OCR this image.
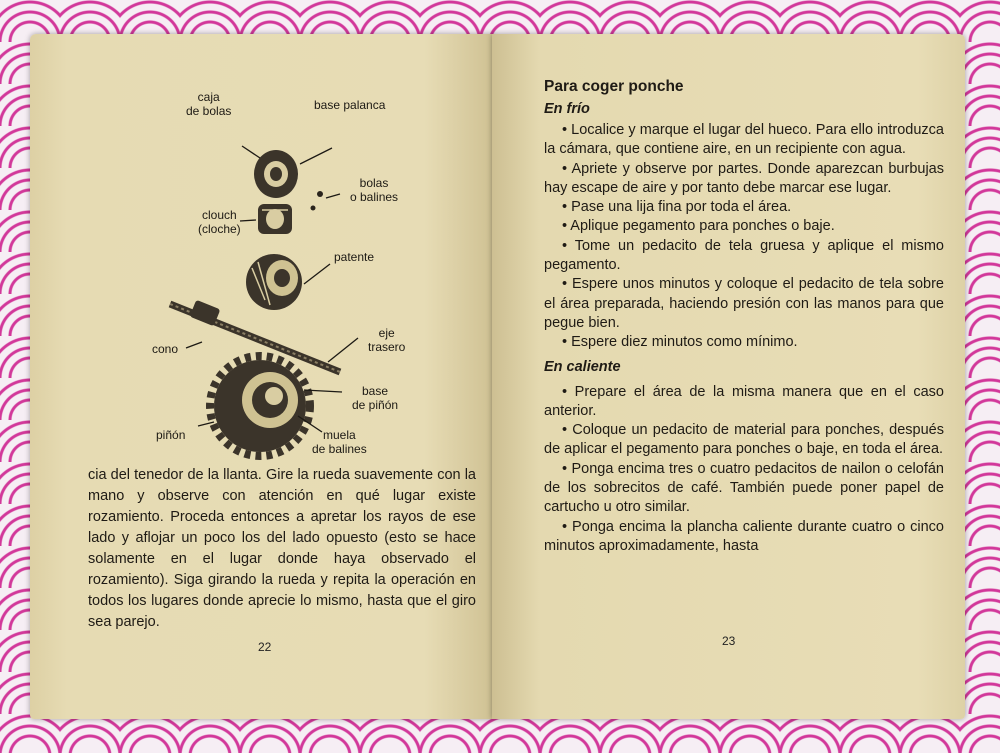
caja
de bolas	base palanca
bolas
o balines
clouch
(cloche)
patente
eje
trasero
cono
base
de piñón
piñón	muela
de balines

cia del tenedor de la llanta. Gire la rueda suavemente con la mano y observe con atención en qué lugar existe rozamiento. Proceda entonces a apretar los rayos de ese lado y aflojar un poco los del lado opuesto (esto se hace solamente en el lugar donde haya observado el rozamiento). Siga girando la rueda y repita la operación en todos los lugares donde aprecie lo mismo, hasta que el giro sea parejo.

22
Para coger ponche
En frío

• Localice y marque el lugar del hueco. Para ello introduzca la cámara, que contiene aire, en un recipiente con agua.

• Apriete y observe por partes. Donde aparezcan burbujas hay escape de aire y por tanto debe marcar ese lugar.

• Pase una lija fina por toda el área.

• Aplique pegamento para ponches o baje.

• Tome un pedacito de tela gruesa y aplique el mismo pegamento.

• Espere unos minutos y coloque el pedacito de tela sobre el área preparada, haciendo presión con las manos para que pegue bien.

• Espere diez minutos como mínimo.

En caliente

• Prepare el área de la misma manera que en el caso anterior.

• Coloque un pedacito de material para ponches, después de aplicar el pegamento para ponches o baje, en toda el área.

• Ponga encima tres o cuatro pedacitos de nailon o celofán de los sobrecitos de café. También puede poner papel de cartucho u otro similar.

• Ponga encima la plancha caliente durante cuatro o cinco minutos aproximadamente, hasta

23
